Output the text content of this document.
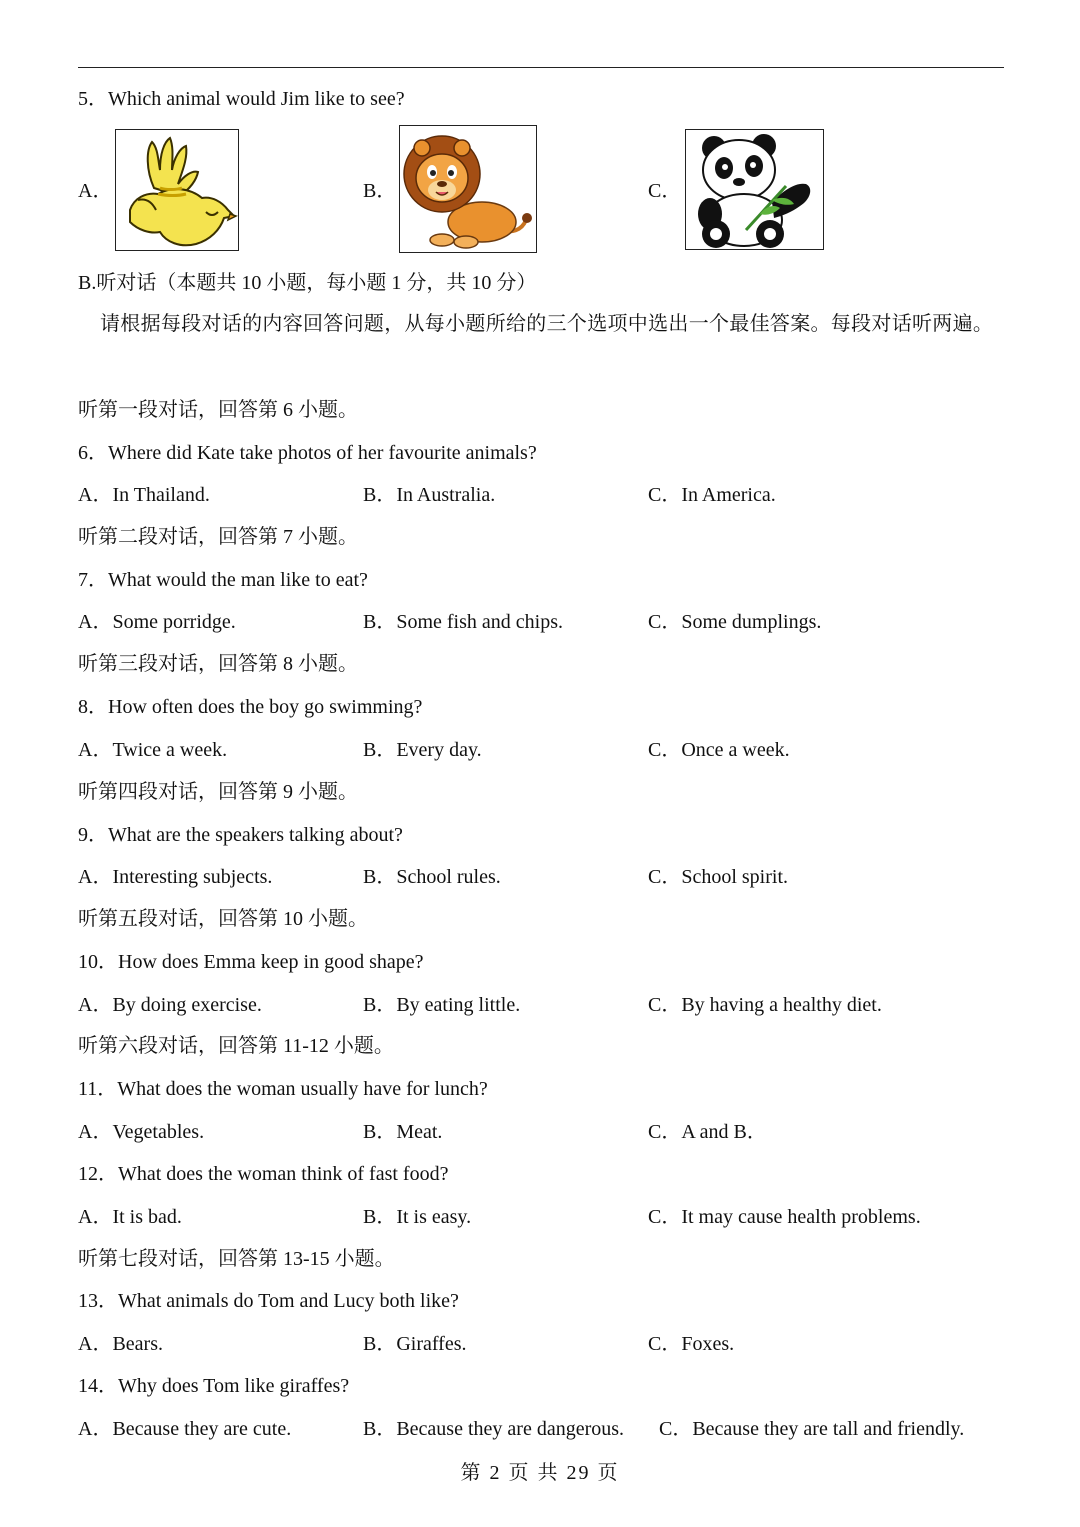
5．Which animal would Jim like to see?
A．	B．	C．
B.听对话（本题共 10 小题，每小题 1 分，共 10 分）
请根据每段对话的内容回答问题，从每小题所给的三个选项中选出一个最佳答案。每段对话听两遍。
听第一段对话，回答第 6 小题。
6．Where did Kate take photos of her favourite animals?
A．In Thailand.	B．In Australia.	C．In America.
听第二段对话，回答第 7 小题。
7．What would the man like to eat?
A．Some porridge.	B．Some fish and chips.	C．Some dumplings.
听第三段对话，回答第 8 小题。
8．How often does the boy go swimming?
A．Twice a week.	B．Every day.	C．Once a week.
听第四段对话，回答第 9 小题。
9．What are the speakers talking about?
A．Interesting subjects.	B．School rules.	C．School spirit.
听第五段对话，回答第 10 小题。
10．How does Emma keep in good shape?
A．By doing exercise.	B．By eating little.	C．By having a healthy diet.
听第六段对话，回答第 11-12 小题。
11．What does the woman usually have for lunch?
A．Vegetables.	B．Meat.	C．A and B．
12．What does the woman think of fast food?
A．It is bad.	B．It is easy.	C．It may cause health problems.
听第七段对话，回答第 13-15 小题。
13．What animals do Tom and Lucy both like?
A．Bears.	B．Giraffes.	C．Foxes.
14．Why does Tom like giraffes?
A．Because they are cute.	B．Because they are dangerous. C．Because they are tall and friendly.
第 2 页 共 29 页
